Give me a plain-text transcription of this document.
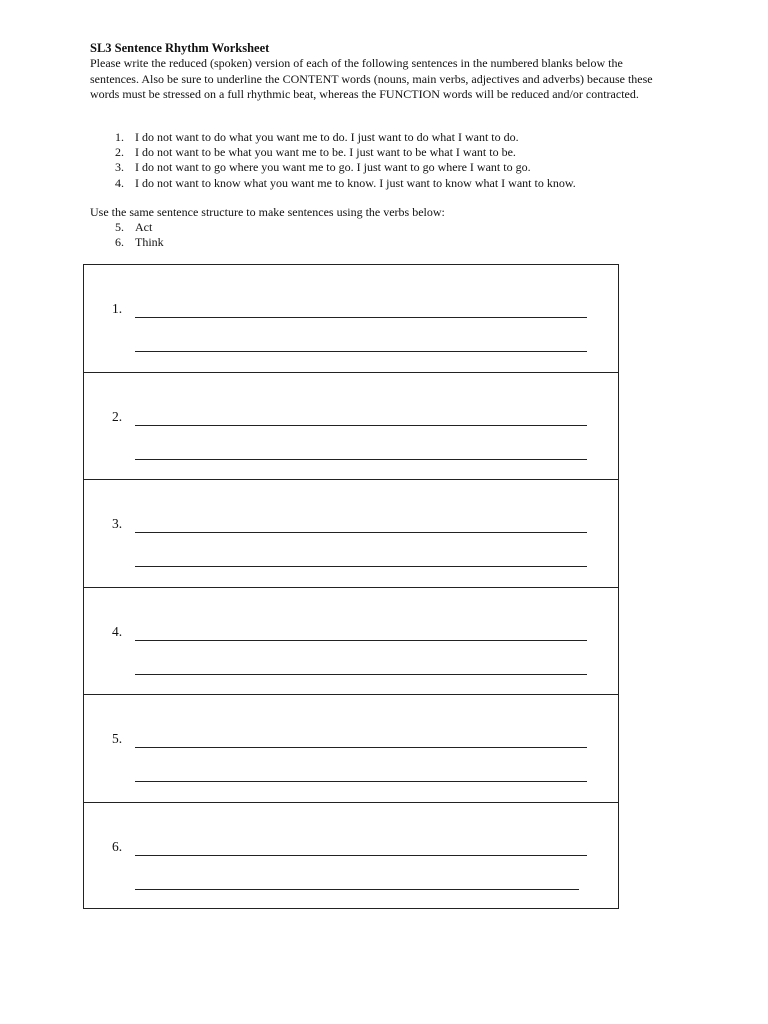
SL3 Sentence Rhythm Worksheet
Please write the reduced (spoken) version of each of the following sentences in the numbered blanks below the sentences. Also be sure to underline the CONTENT words (nouns, main verbs, adjectives and adverbs) because these words must be stressed on a full rhythmic beat, whereas the FUNCTION words will be reduced and/or contracted.
1 . I do not want to do what you want me to do. I just want to do what I want to do.
2 . I do not want to be what you want me to be. I just want to be what I want to be.
3 . I do not want to go where you want me to go. I just want to go where I want to go.
4 . I do not want to know what you want me to know. I just want to know what I want to know.
Use the same sentence structure to make sentences using the verbs below:
5 . Act
6 . Think
1 .
2 .
3 .
4 .
5 .
6 .
